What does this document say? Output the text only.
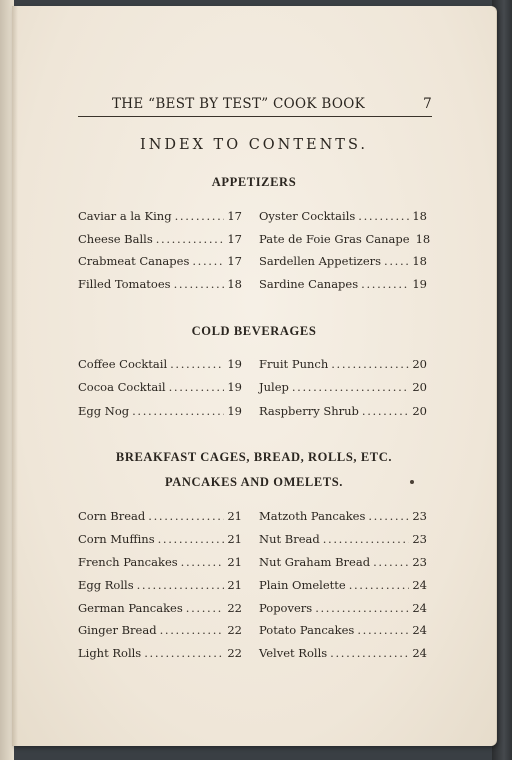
THE “BEST BY TEST” COOK BOOK	7
INDEX TO CONTENTS.
APPETIZERS
Caviar a la King . . .	17
Cheese Balls . . .	17
Crabmeat Canapes . . .	17
Filled Tomatoes . . .	18
Oyster Cocktails . . .	18
Pate de Foie Gras Canape 18
Sardellen Appetizers . . .	18
Sardine Canapes . . .	19
COLD BEVERAGES
Coffee Cocktail . . .	19
Cocoa Cocktail . . .	19
Egg Nog . . .	19
Fruit Punch . . .	20
Julep . . .	20
Raspberry Shrub . . .	20
BREAKFAST CAGES, BREAD, ROLLS, ETC.
PANCAKES AND OMELETS.
Corn Bread . . .	21
Corn Muffins . . .	21
French Pancakes . . .	21
Egg Rolls . . .	21
German Pancakes . . .	22
Ginger Bread . . .	22
Light Rolls . . .	22
Matzoth Pancakes . . .	23
Nut Bread . . .	23
Nut Graham Bread . . .	23
Plain Omelette . . .	24
Popovers . . .	24
Potato Pancakes . . .	24
Velvet Rolls . . .	24
